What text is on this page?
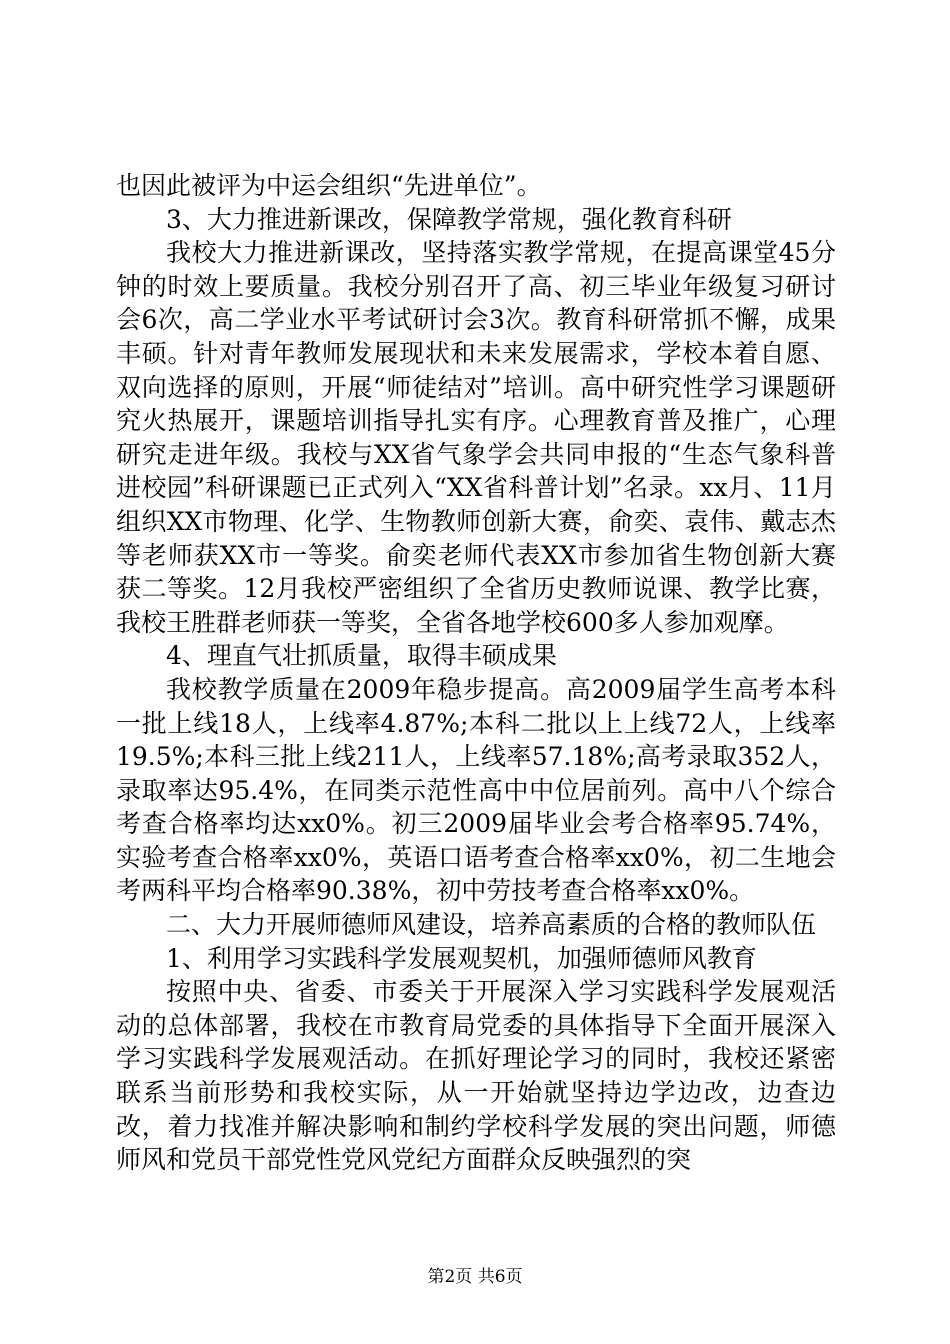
也因此被评为中运会组织“先进单位”。

3、大力推进新课改，保障教学常规，强化教育科研

我校大力推进新课改，坚持落实教学常规，在提高课堂45分钟的时效上要质量。我校分别召开了高、初三毕业年级复习研讨会6次，高二学业水平考试研讨会3次。教育科研常抓不懈，成果丰硕。针对青年教师发展现状和未来发展需求，学校本着自愿、双向选择的原则，开展“师徒结对”培训。高中研究性学习课题研究火热展开，课题培训指导扎实有序。心理教育普及推广，心理研究走进年级。我校与XX省气象学会共同申报的“生态气象科普进校园”科研课题已正式列入“XX省科普计划”名录。xx月、11月组织XX市物理、化学、生物教师创新大赛，俞奕、袁伟、戴志杰等老师获XX市一等奖。俞奕老师代表XX市参加省生物创新大赛获二等奖。12月我校严密组织了全省历史教师说课、教学比赛，我校王胜群老师获一等奖，全省各地学校600多人参加观摩。

4、理直气壮抓质量，取得丰硕成果

我校教学质量在2009年稳步提高。高2009届学生高考本科一批上线18人，上线率4.87%;本科二批以上上线72人，上线率19.5%;本科三批上线211人，上线率57.18%;高考录取352人，录取率达95.4%，在同类示范性高中中位居前列。高中八个综合考查合格率均达xx0%。初三2009届毕业会考合格率95.74%，实验考查合格率xx0%，英语口语考查合格率xx0%，初二生地会考两科平均合格率90.38%，初中劳技考查合格率xx0%。

二、大力开展师德师风建设，培养高素质的合格的教师队伍

1、利用学习实践科学发展观契机，加强师德师风教育

按照中央、省委、市委关于开展深入学习实践科学发展观活动的总体部署，我校在市教育局党委的具体指导下全面开展深入学习实践科学发展观活动。在抓好理论学习的同时，我校还紧密联系当前形势和我校实际，从一开始就坚持边学边改，边查边改，着力找准并解决影响和制约学校科学发展的突出问题，师德师风和党员干部党性党风党纪方面群众反映强烈的突

第2页 共6页
